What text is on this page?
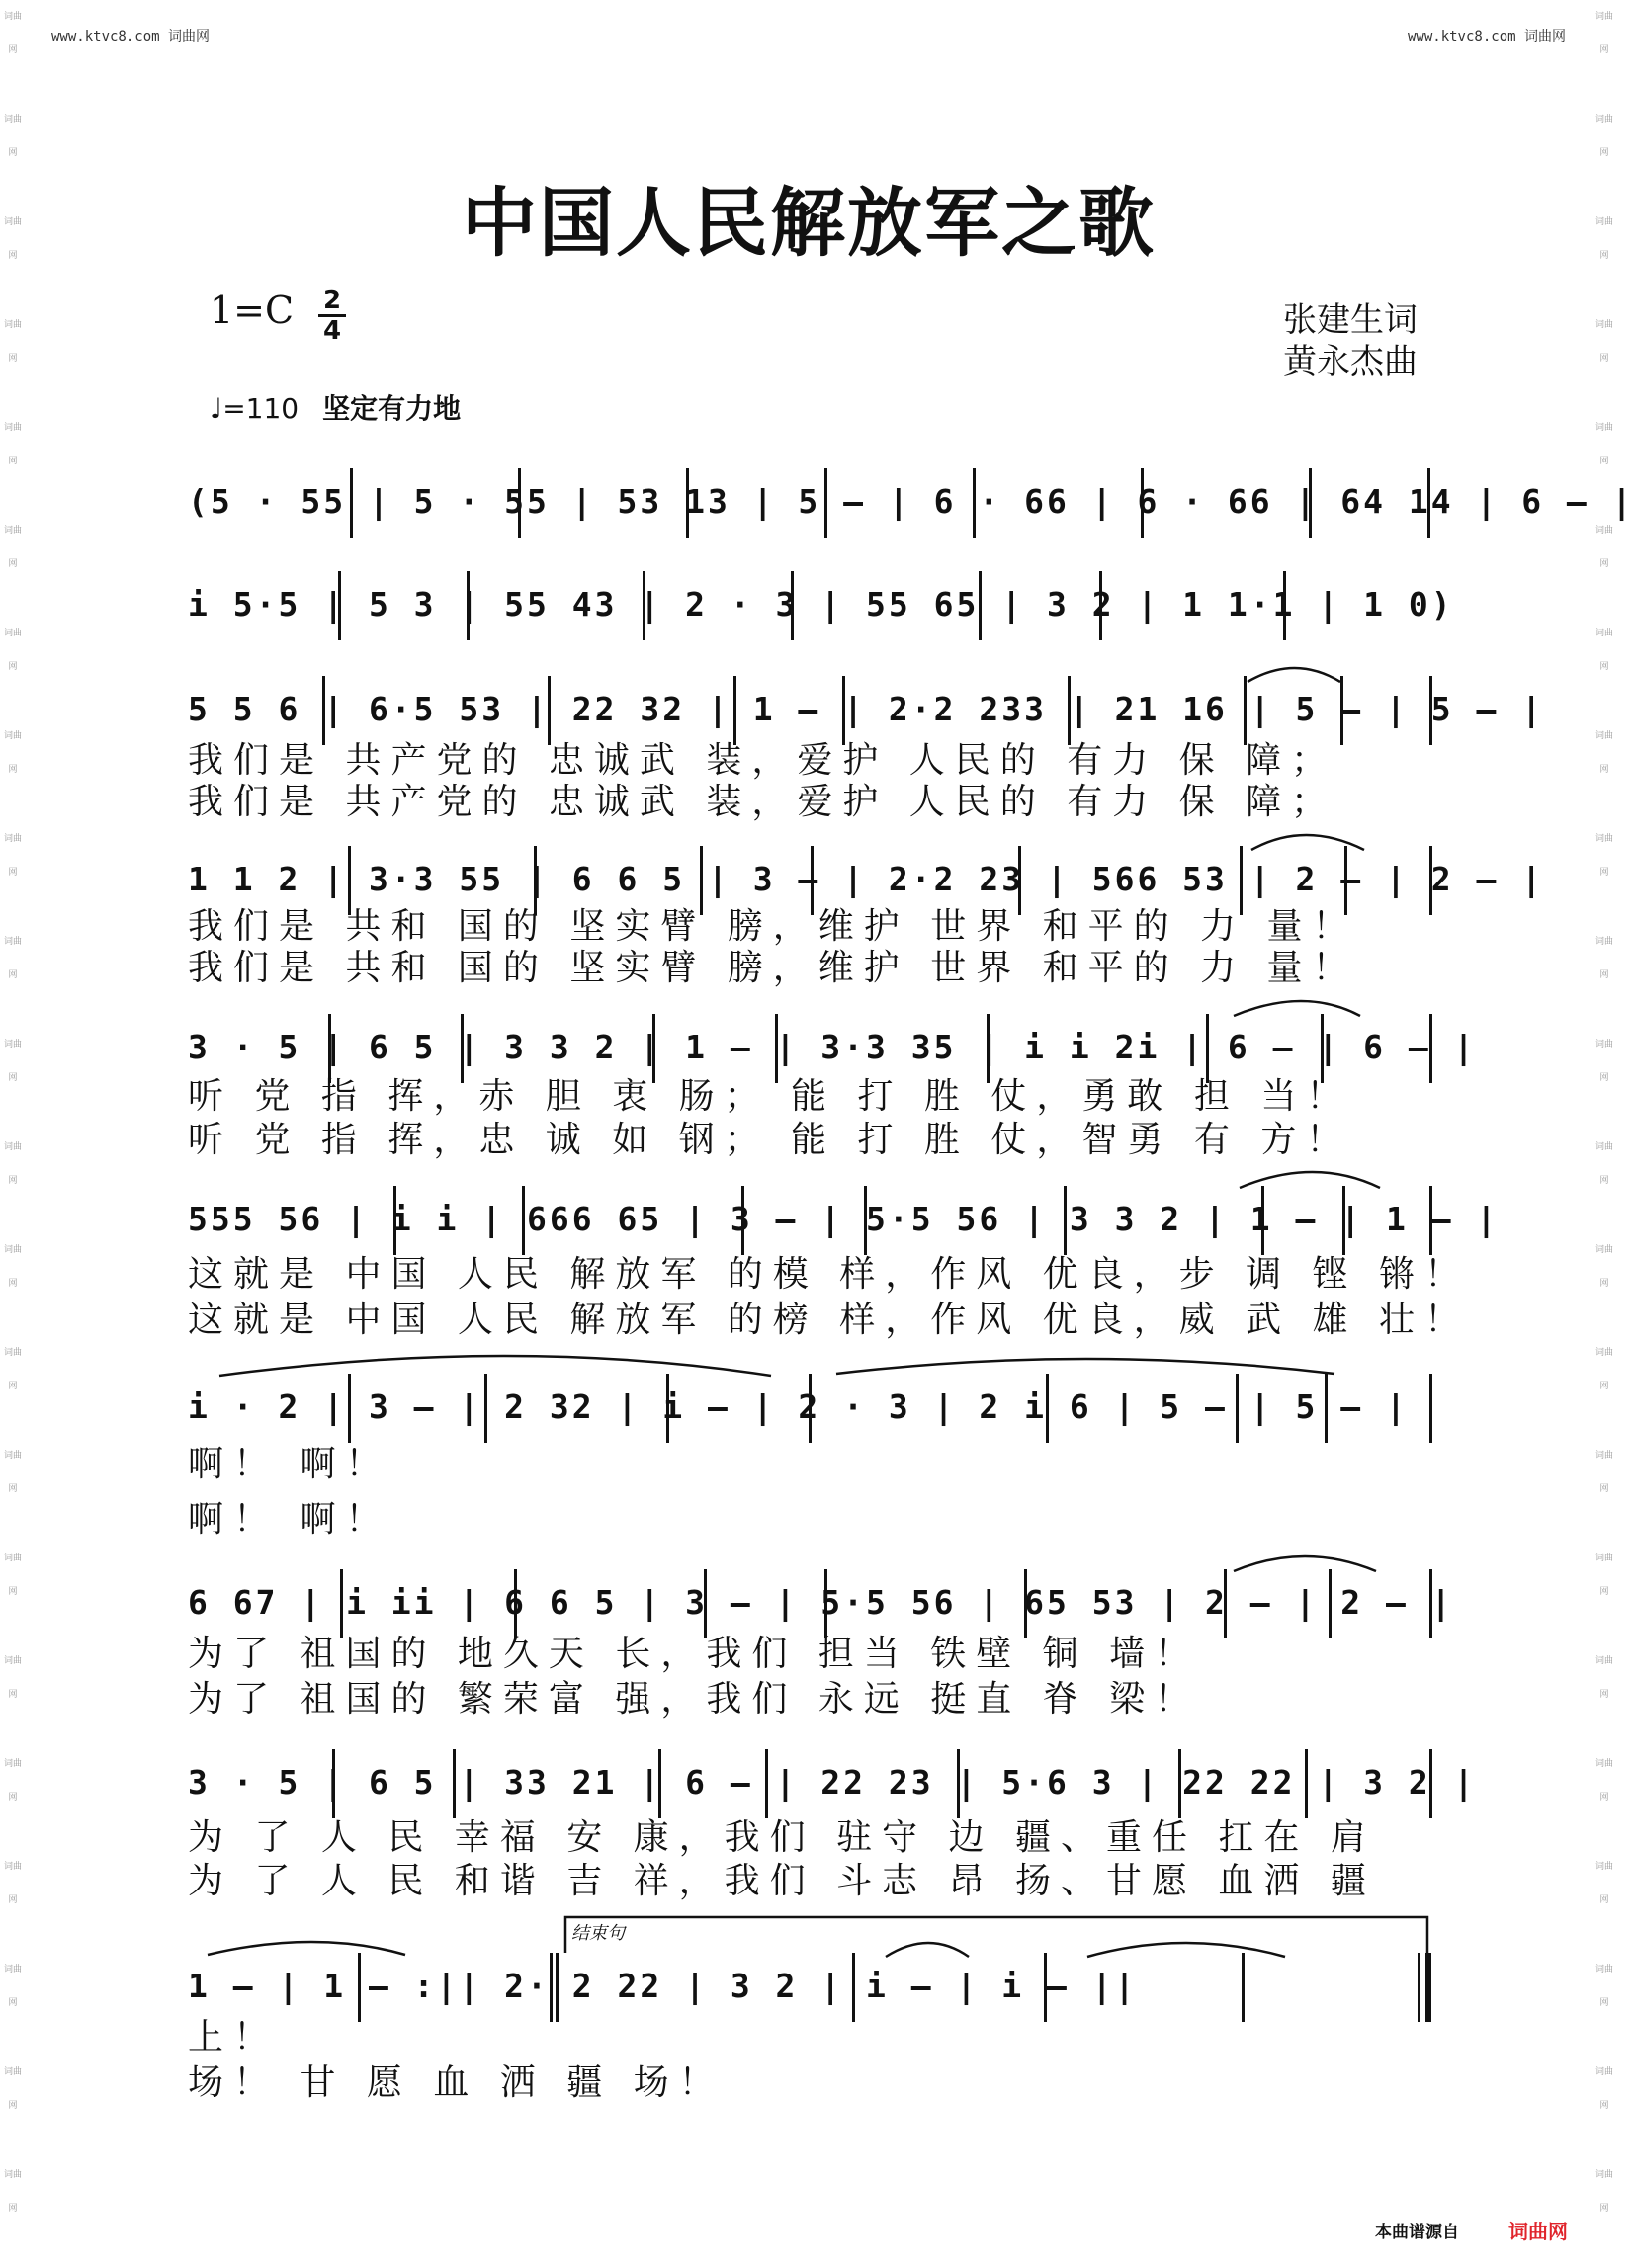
词曲网
词曲网
词曲网
词曲网
词曲网
词曲网
词曲网
词曲网
词曲网
词曲网
词曲网
词曲网
词曲网
词曲网
词曲网
词曲网
词曲网
词曲网
词曲网
词曲网
词曲网
词曲网
词曲网
词曲网
词曲网
词曲网
词曲网
词曲网
词曲网
词曲网
词曲网
词曲网
词曲网
词曲网
词曲网
词曲网
词曲网
词曲网
词曲网
词曲网
词曲网
词曲网
词曲网
词曲网
www.ktvc8.com 词曲网	www.ktvc8.com 词曲网
中国人民解放军之歌
1=C 2
4	张建生词
黄永杰曲
♩=110 坚定有力地
(5 · 55 | 5 · 55 | 53 13 | 5 – | 6 · 66 | 6 · 66 | 64 14 | 6 – |
i 5·5 | 5 3 | 55 43 | 2 · 3 | 55 65 | 3 2 | 1 1·1 | 1 0)
5 5 6 | 6·5 53 | 22 32 | 1 – | 2·2 233 | 21 16 | 5 – | 5 – |
我们是 共产党的 忠诚武 装，爱护 人民的 有力 保 障；
我们是 共产党的 忠诚武 装，爱护 人民的 有力 保 障；
1 1 2 | 3·3 55 | 6 6 5 | 3 – | 2·2 23 | 566 53 | 2 – | 2 – |
我们是 共和 国的 坚实臂 膀，维护 世界 和平的 力 量！
我们是 共和 国的 坚实臂 膀，维护 世界 和平的 力 量！
3 · 5 | 6 5 | 3 3 2 | 1 – | 3·3 35 | i i 2i | 6 – | 6 – |
听 党 指 挥，赤 胆 衷 肠； 能 打 胜 仗，勇敢 担 当！
听 党 指 挥，忠 诚 如 钢； 能 打 胜 仗，智勇 有 方！
555 56 | i i | 666 65 | 3 – | 5·5 56 | 3 3 2 | 1 – | 1 – |
这就是 中国 人民 解放军 的模 样，作风 优良，步 调 铿 锵！
这就是 中国 人民 解放军 的榜 样，作风 优良，威 武 雄 壮！
i · 2 | 3 – | 2 32 | i – | 2 · 3 | 2 i 6 | 5 – | 5 – |
啊！ 啊！
啊！ 啊！
6 67 | i ii | 6 6 5 | 3 – | 5·5 56 | 65 53 | 2 – | 2 – |
为了 祖国的 地久天 长，我们 担当 铁壁 铜 墙！
为了 祖国的 繁荣富 强，我们 永远 挺直 脊 梁！
3 · 5 | 6 5 | 33 21 | 6 – | 22 23 | 5·6 3 | 22 22 | 3 2 |
为 了 人 民 幸福 安 康，我们 驻守 边 疆、重任 扛在 肩
为 了 人 民 和谐 吉 祥，我们 斗志 昂 扬、甘愿 血洒 疆
结束句
1 – | 1 – :|| 2· 2 22 | 3 2 | i – | i – ||
上！
场！ 甘 愿 血 洒 疆 场！
本曲谱源自	词曲网
